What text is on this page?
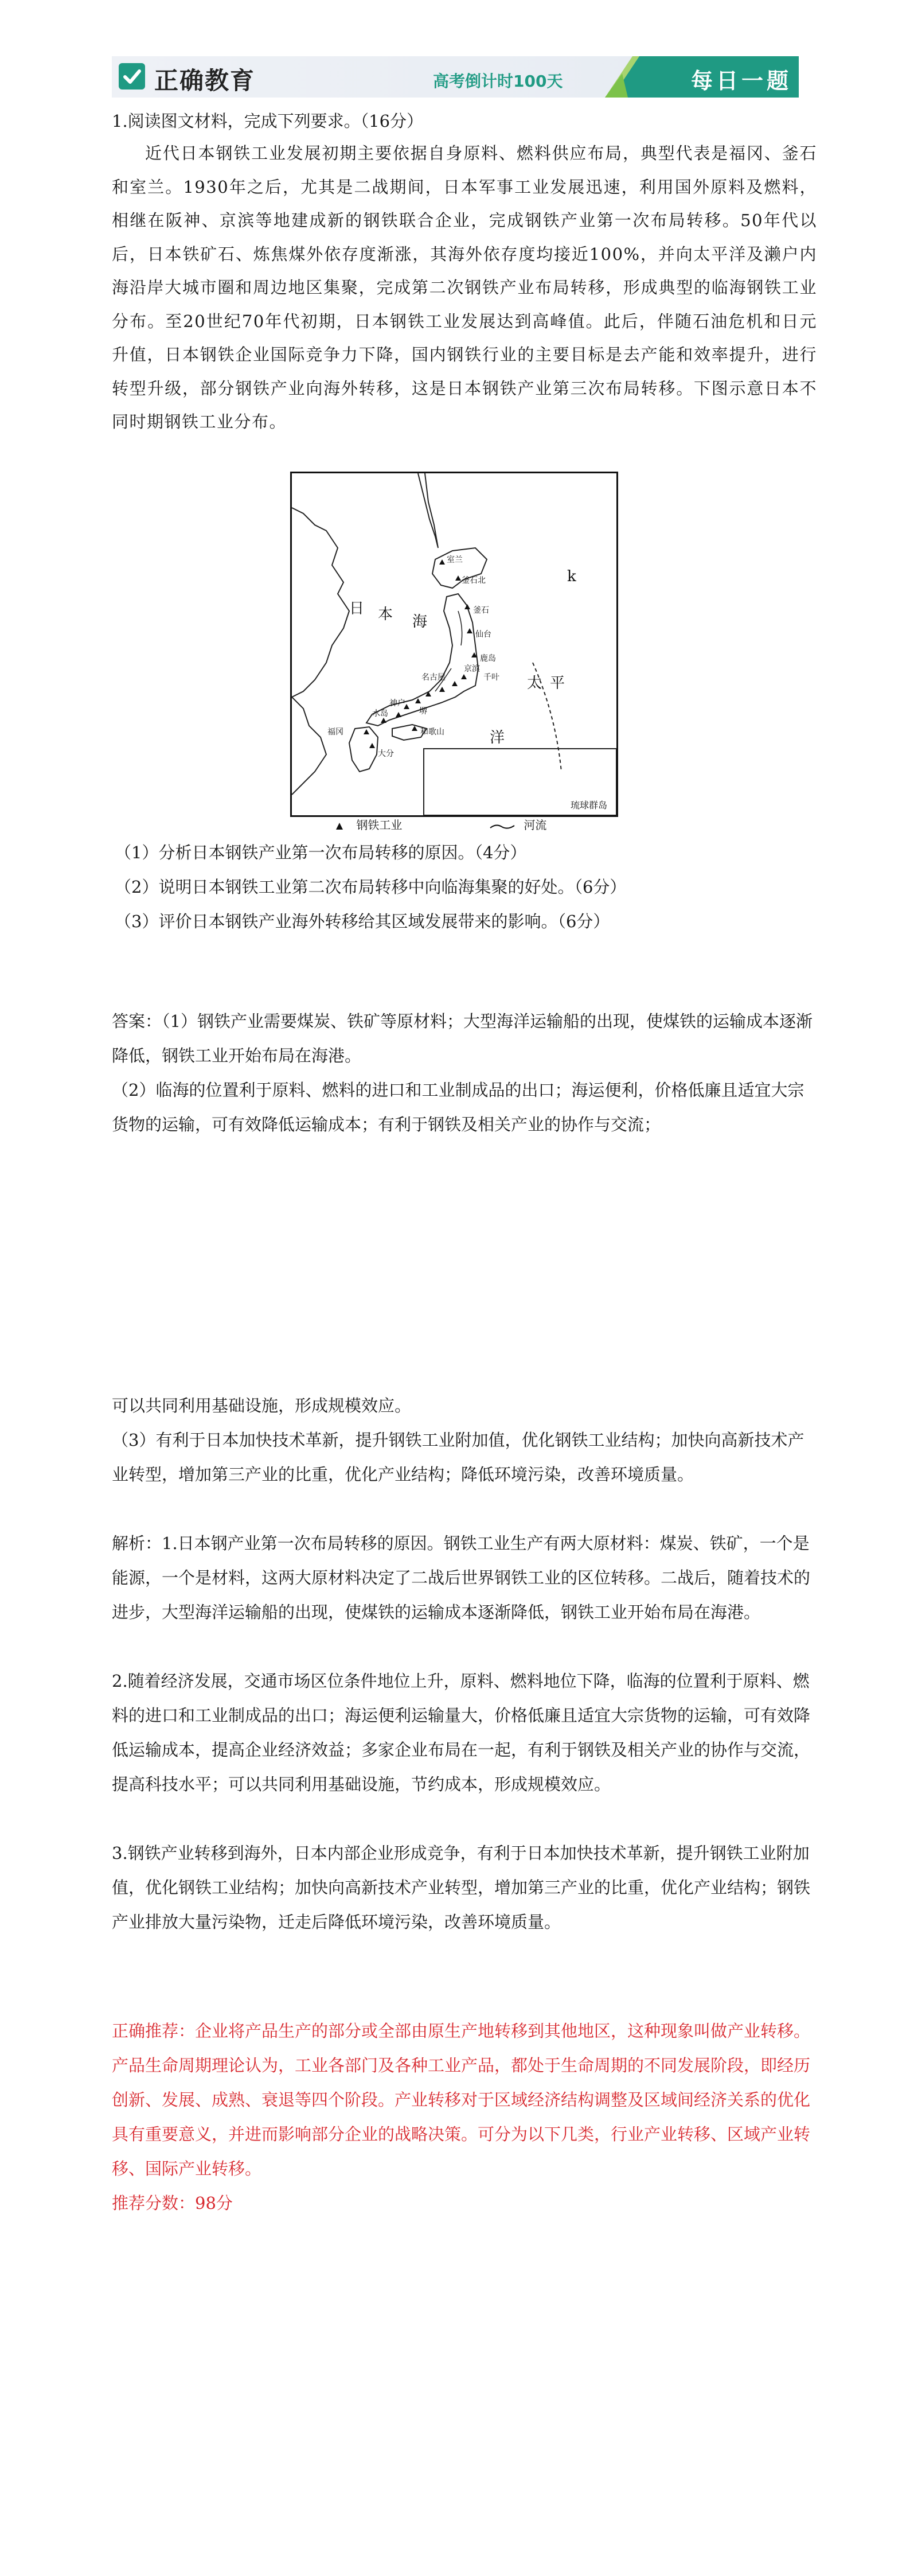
正确教育	高考倒计时100天	每日一题

1.阅读图文材料，完成下列要求。（16分）

近代日本钢铁工业发展初期主要依据自身原料、燃料供应布局，典型代表是福冈、釜石和室兰。1930年之后，尤其是二战期间，日本军事工业发展迅速，利用国外原料及燃料，相继在阪神、京滨等地建成新的钢铁联合企业，完成钢铁产业第一次布局转移。50年代以后，日本铁矿石、炼焦煤外依存度渐涨，其海外依存度均接近100%，并向太平洋及濑户内海沿岸大城市圈和周边地区集聚，完成第二次钢铁产业布局转移，形成典型的临海钢铁工业分布。至20世纪70年代初期，日本钢铁工业发展达到高峰值。此后，伴随石油危机和日元升值，日本钢铁企业国际竞争力下降，国内钢铁行业的主要目标是去产能和效率提升，进行转型升级，部分钢铁产业向海外转移，这是日本钢铁产业第三次布局转移。下图示意日本不同时期钢铁工业分布。

日 本 海
太 平
洋
k
琉球群岛
室兰
釜石
仙台
鹿岛
名古屋	千叶
京滨
神户
福冈
大分
水岛	堺
和歌山
釜石北
钢铁工业	河流
（1）分析日本钢铁产业第一次布局转移的原因。（4分）
（2）说明日本钢铁工业第二次布局转移中向临海集聚的好处。（6分）
（3）评价日本钢铁产业海外转移给其区域发展带来的影响。（6分）

答案：（1）钢铁产业需要煤炭、铁矿等原材料；大型海洋运输船的出现，使煤铁的运输成本逐渐降低，钢铁工业开始布局在海港。

（2）临海的位置利于原料、燃料的进口和工业制成品的出口；海运便利，价格低廉且适宜大宗货物的运输，可有效降低运输成本；有利于钢铁及相关产业的协作与交流；

可以共同利用基础设施，形成规模效应。

（3）有利于日本加快技术革新，提升钢铁工业附加值，优化钢铁工业结构；加快向高新技术产业转型，增加第三产业的比重，优化产业结构；降低环境污染，改善环境质量。

解析：1.日本钢产业第一次布局转移的原因。钢铁工业生产有两大原材料：煤炭、铁矿，一个是能源，一个是材料，这两大原材料决定了二战后世界钢铁工业的区位转移。二战后，随着技术的进步，大型海洋运输船的出现，使煤铁的运输成本逐渐降低，钢铁工业开始布局在海港。

2.随着经济发展，交通市场区位条件地位上升，原料、燃料地位下降，临海的位置利于原料、燃料的进口和工业制成品的出口；海运便利运输量大，价格低廉且适宜大宗货物的运输，可有效降低运输成本，提高企业经济效益；多家企业布局在一起，有利于钢铁及相关产业的协作与交流，提高科技水平；可以共同利用基础设施，节约成本，形成规模效应。

3.钢铁产业转移到海外，日本内部企业形成竞争，有利于日本加快技术革新，提升钢铁工业附加值，优化钢铁工业结构；加快向高新技术产业转型，增加第三产业的比重，优化产业结构；钢铁产业排放大量污染物，迁走后降低环境污染，改善环境质量。

正确推荐：企业将产品生产的部分或全部由原生产地转移到其他地区，这种现象叫做产业转移。产品生命周期理论认为，工业各部门及各种工业产品，都处于生命周期的不同发展阶段，即经历创新、发展、成熟、衰退等四个阶段。产业转移对于区域经济结构调整及区域间经济关系的优化具有重要意义，并进而影响部分企业的战略决策。可分为以下几类，行业产业转移、区域产业转移、国际产业转移。

推荐分数：98分
